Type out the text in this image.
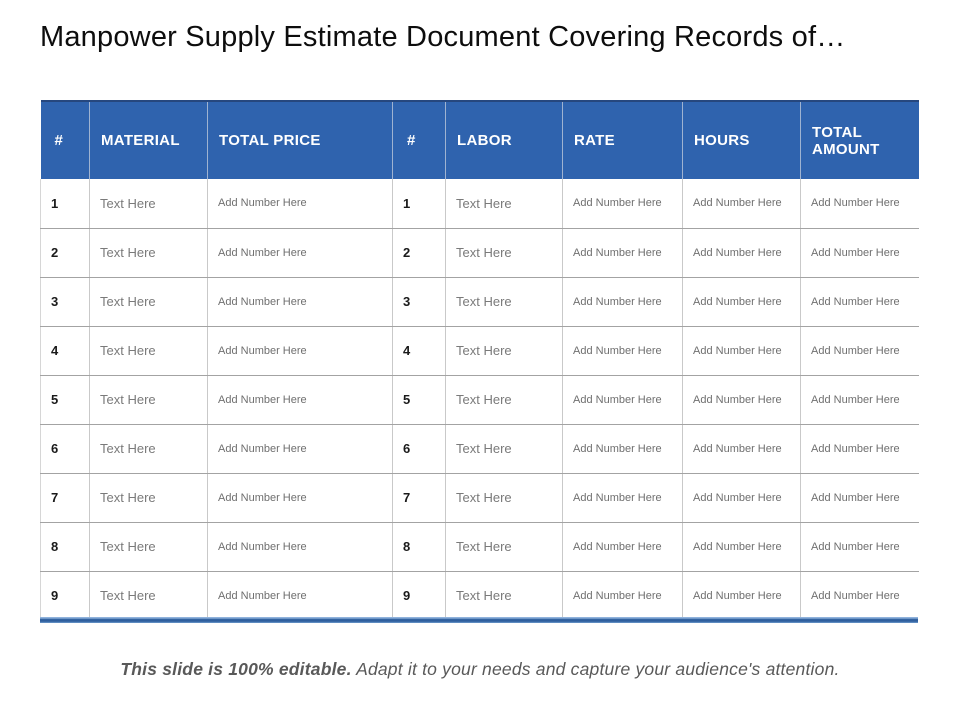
Manpower Supply Estimate Document Covering Records of…
#	MATERIAL	TOTAL PRICE	#	LABOR	RATE	HOURS	TOTAL AMOUNT
1	Text Here	Add Number Here	1	Text Here	Add Number Here	Add Number Here	Add Number Here
2	Text Here	Add Number Here	2	Text Here	Add Number Here	Add Number Here	Add Number Here
3	Text Here	Add Number Here	3	Text Here	Add Number Here	Add Number Here	Add Number Here
4	Text Here	Add Number Here	4	Text Here	Add Number Here	Add Number Here	Add Number Here
5	Text Here	Add Number Here	5	Text Here	Add Number Here	Add Number Here	Add Number Here
6	Text Here	Add Number Here	6	Text Here	Add Number Here	Add Number Here	Add Number Here
7	Text Here	Add Number Here	7	Text Here	Add Number Here	Add Number Here	Add Number Here
8	Text Here	Add Number Here	8	Text Here	Add Number Here	Add Number Here	Add Number Here
9	Text Here	Add Number Here	9	Text Here	Add Number Here	Add Number Here	Add Number Here
This slide is 100% editable. Adapt it to your needs and capture your audience's attention.
